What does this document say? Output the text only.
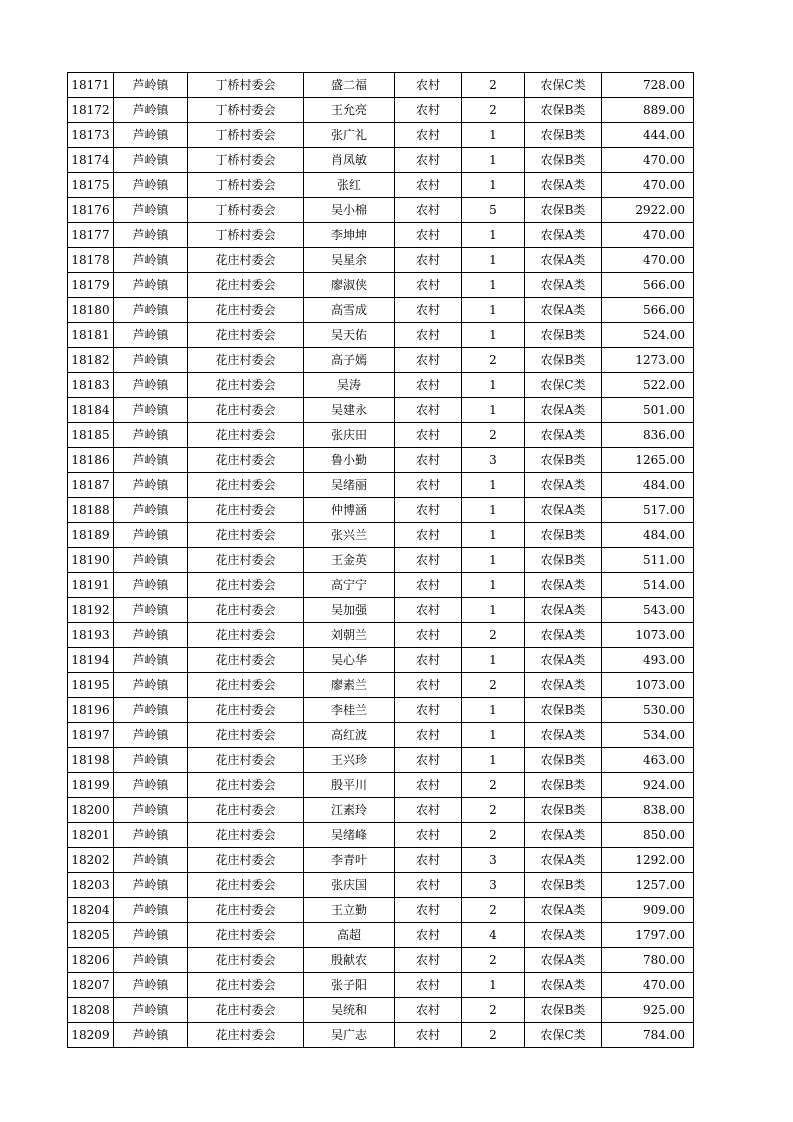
18171	芦岭镇	丁桥村委会	盛二福	农村	2	农保C类	728.00
18172	芦岭镇	丁桥村委会	王允亮	农村	2	农保B类	889.00
18173	芦岭镇	丁桥村委会	张广礼	农村	1	农保B类	444.00
18174	芦岭镇	丁桥村委会	肖凤敏	农村	1	农保B类	470.00
18175	芦岭镇	丁桥村委会	张红	农村	1	农保A类	470.00
18176	芦岭镇	丁桥村委会	吴小棉	农村	5	农保B类	2922.00
18177	芦岭镇	丁桥村委会	李坤坤	农村	1	农保A类	470.00
18178	芦岭镇	花庄村委会	吴星余	农村	1	农保A类	470.00
18179	芦岭镇	花庄村委会	廖淑侠	农村	1	农保A类	566.00
18180	芦岭镇	花庄村委会	高雪成	农村	1	农保A类	566.00
18181	芦岭镇	花庄村委会	吴天佑	农村	1	农保B类	524.00
18182	芦岭镇	花庄村委会	高子嫣	农村	2	农保B类	1273.00
18183	芦岭镇	花庄村委会	吴涛	农村	1	农保C类	522.00
18184	芦岭镇	花庄村委会	吴建永	农村	1	农保A类	501.00
18185	芦岭镇	花庄村委会	张庆田	农村	2	农保A类	836.00
18186	芦岭镇	花庄村委会	鲁小勤	农村	3	农保B类	1265.00
18187	芦岭镇	花庄村委会	吴绪丽	农村	1	农保A类	484.00
18188	芦岭镇	花庄村委会	仲博涵	农村	1	农保A类	517.00
18189	芦岭镇	花庄村委会	张兴兰	农村	1	农保B类	484.00
18190	芦岭镇	花庄村委会	王金英	农村	1	农保B类	511.00
18191	芦岭镇	花庄村委会	高宁宁	农村	1	农保A类	514.00
18192	芦岭镇	花庄村委会	吴加强	农村	1	农保A类	543.00
18193	芦岭镇	花庄村委会	刘朝兰	农村	2	农保A类	1073.00
18194	芦岭镇	花庄村委会	吴心华	农村	1	农保A类	493.00
18195	芦岭镇	花庄村委会	廖素兰	农村	2	农保A类	1073.00
18196	芦岭镇	花庄村委会	李桂兰	农村	1	农保B类	530.00
18197	芦岭镇	花庄村委会	高红波	农村	1	农保A类	534.00
18198	芦岭镇	花庄村委会	王兴珍	农村	1	农保B类	463.00
18199	芦岭镇	花庄村委会	殷平川	农村	2	农保B类	924.00
18200	芦岭镇	花庄村委会	江素玲	农村	2	农保B类	838.00
18201	芦岭镇	花庄村委会	吴绪峰	农村	2	农保A类	850.00
18202	芦岭镇	花庄村委会	李青叶	农村	3	农保A类	1292.00
18203	芦岭镇	花庄村委会	张庆国	农村	3	农保B类	1257.00
18204	芦岭镇	花庄村委会	王立勤	农村	2	农保A类	909.00
18205	芦岭镇	花庄村委会	高超	农村	4	农保A类	1797.00
18206	芦岭镇	花庄村委会	殷献农	农村	2	农保A类	780.00
18207	芦岭镇	花庄村委会	张子阳	农村	1	农保A类	470.00
18208	芦岭镇	花庄村委会	吴统和	农村	2	农保B类	925.00
18209	芦岭镇	花庄村委会	吴广志	农村	2	农保C类	784.00
